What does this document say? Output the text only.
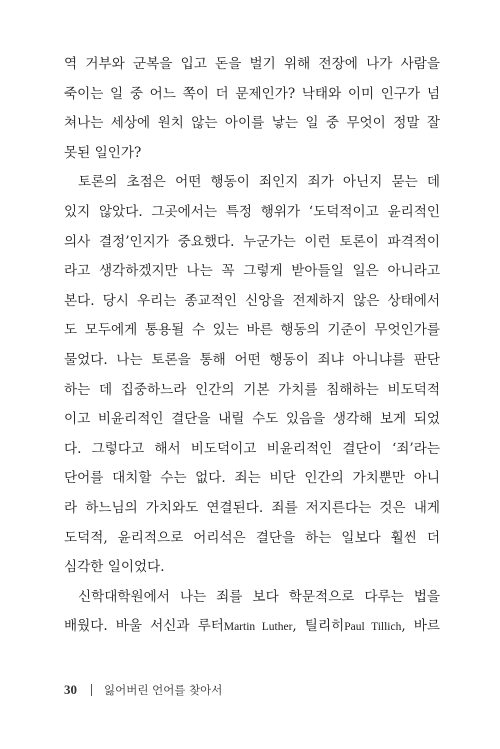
역 거부와 군복을 입고 돈을 벌기 위해 전장에 나가 사람을
죽이는 일 중 어느 쪽이 더 문제인가? 낙태와 이미 인구가 넘
쳐나는 세상에 원치 않는 아이를 낳는 일 중 무엇이 정말 잘
못된 일인가?
토론의 초점은 어떤 행동이 죄인지 죄가 아닌지 묻는 데
있지 않았다. 그곳에서는 특정 행위가 ‘도덕적이고 윤리적인
의사 결정’인지가 중요했다. 누군가는 이런 토론이 파격적이
라고 생각하겠지만 나는 꼭 그렇게 받아들일 일은 아니라고
본다. 당시 우리는 종교적인 신앙을 전제하지 않은 상태에서
도 모두에게 통용될 수 있는 바른 행동의 기준이 무엇인가를
물었다. 나는 토론을 통해 어떤 행동이 죄냐 아니냐를 판단
하는 데 집중하느라 인간의 기본 가치를 침해하는 비도덕적
이고 비윤리적인 결단을 내릴 수도 있음을 생각해 보게 되었
다. 그렇다고 해서 비도덕이고 비윤리적인 결단이 ‘죄’라는
단어를 대치할 수는 없다. 죄는 비단 인간의 가치뿐만 아니
라 하느님의 가치와도 연결된다. 죄를 저지른다는 것은 내게
도덕적, 윤리적으로 어리석은 결단을 하는 일보다 훨씬 더
심각한 일이었다.
신학대학원에서 나는 죄를 보다 학문적으로 다루는 법을
배웠다. 바울 서신과 루터Martin Luther, 틸리히Paul Tillich, 바르
30 잃어버린 언어를 찾아서
